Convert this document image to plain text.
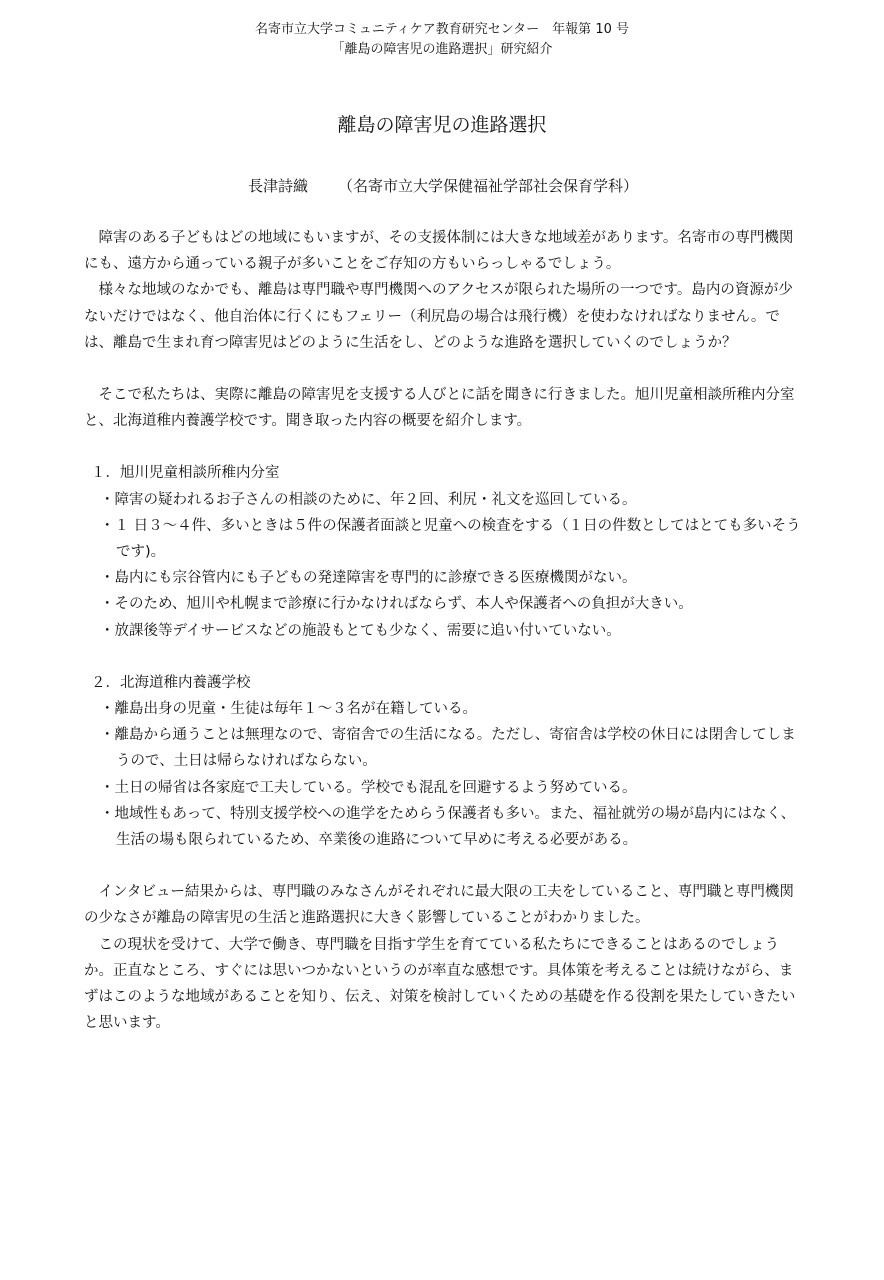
名寄市立大学コミュニティケア教育研究センター　年報第 10 号
「離島の障害児の進路選択」研究紹介
離島の障害児の進路選択
長津詩織 （名寄市立大学保健福祉学部社会保育学科）

障害のある子どもはどの地域にもいますが、その支援体制には大きな地域差があります。名寄市の専門機関にも、遠方から通っている親子が多いことをご存知の方もいらっしゃるでしょう。

様々な地域のなかでも、離島は専門職や専門機関へのアクセスが限られた場所の一つです。島内の資源が少ないだけではなく、他自治体に行くにもフェリー（利尻島の場合は飛行機）を使わなければなりません。では、離島で生まれ育つ障害児はどのように生活をし、どのような進路を選択していくのでしょうか？

そこで私たちは、実際に離島の障害児を支援する人びとに話を聞きに行きました。旭川児童相談所稚内分室と、北海道稚内養護学校です。聞き取った内容の概要を紹介します。

１．旭川児童相談所稚内分室
・障害の疑われるお子さんの相談のために、年２回、利尻・礼文を巡回している。
・１ 日３～４件、多いときは５件の保護者面談と児童への検査をする（１日の件数としてはとても多いそうです)。
・島内にも宗谷管内にも子どもの発達障害を専門的に診療できる医療機関がない。
・そのため、旭川や札幌まで診療に行かなければならず、本人や保護者への負担が大きい。
・放課後等デイサービスなどの施設もとても少なく、需要に追い付いていない。
２．北海道稚内養護学校
・離島出身の児童・生徒は毎年１～３名が在籍している。
・離島から通うことは無理なので、寄宿舎での生活になる。ただし、寄宿舎は学校の休日には閉舎してしまうので、土日は帰らなければならない。
・土日の帰省は各家庭で工夫している。学校でも混乱を回避するよう努めている。
・地域性もあって、特別支援学校への進学をためらう保護者も多い。また、福祉就労の場が島内にはなく、生活の場も限られているため、卒業後の進路について早めに考える必要がある。

インタビュー結果からは、専門職のみなさんがそれぞれに最大限の工夫をしていること、専門職と専門機関の少なさが離島の障害児の生活と進路選択に大きく影響していることがわかりました。

この現状を受けて、大学で働き、専門職を目指す学生を育てている私たちにできることはあるのでしょうか。正直なところ、すぐには思いつかないというのが率直な感想です。具体策を考えることは続けながら、まずはこのような地域があることを知り、伝え、対策を検討していくための基礎を作る役割を果たしていきたいと思います。
